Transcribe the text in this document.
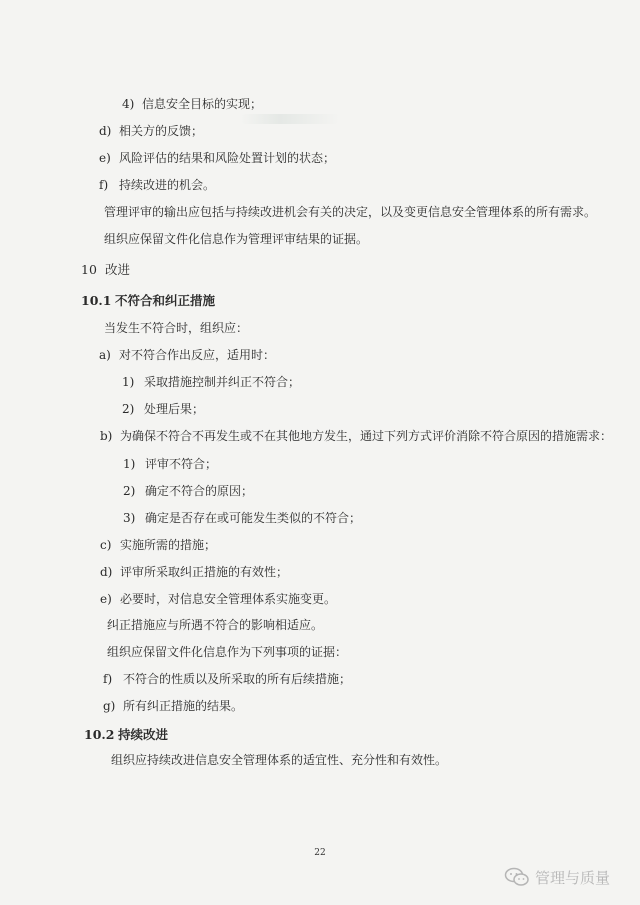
4) 信息安全目标的实现；
d) 相关方的反馈；
e) 风险评估的结果和风险处置计划的状态；
f) 持续改进的机会。
管理评审的输出应包括与持续改进机会有关的决定，以及变更信息安全管理体系的所有需求。
组织应保留文件化信息作为管理评审结果的证据。
10 改进
10.1 不符合和纠正措施
当发生不符合时，组织应：
a) 对不符合作出反应，适用时：
1) 采取措施控制并纠正不符合；
2) 处理后果；
b) 为确保不符合不再发生或不在其他地方发生，通过下列方式评价消除不符合原因的措施需求：
1) 评审不符合；
2) 确定不符合的原因；
3) 确定是否存在或可能发生类似的不符合；
c) 实施所需的措施；
d) 评审所采取纠正措施的有效性；
e) 必要时，对信息安全管理体系实施变更。
纠正措施应与所遇不符合的影响相适应。
组织应保留文件化信息作为下列事项的证据：
f) 不符合的性质以及所采取的所有后续措施；
g) 所有纠正措施的结果。
10.2 持续改进
组织应持续改进信息安全管理体系的适宜性、充分性和有效性。
22
管理与质量
